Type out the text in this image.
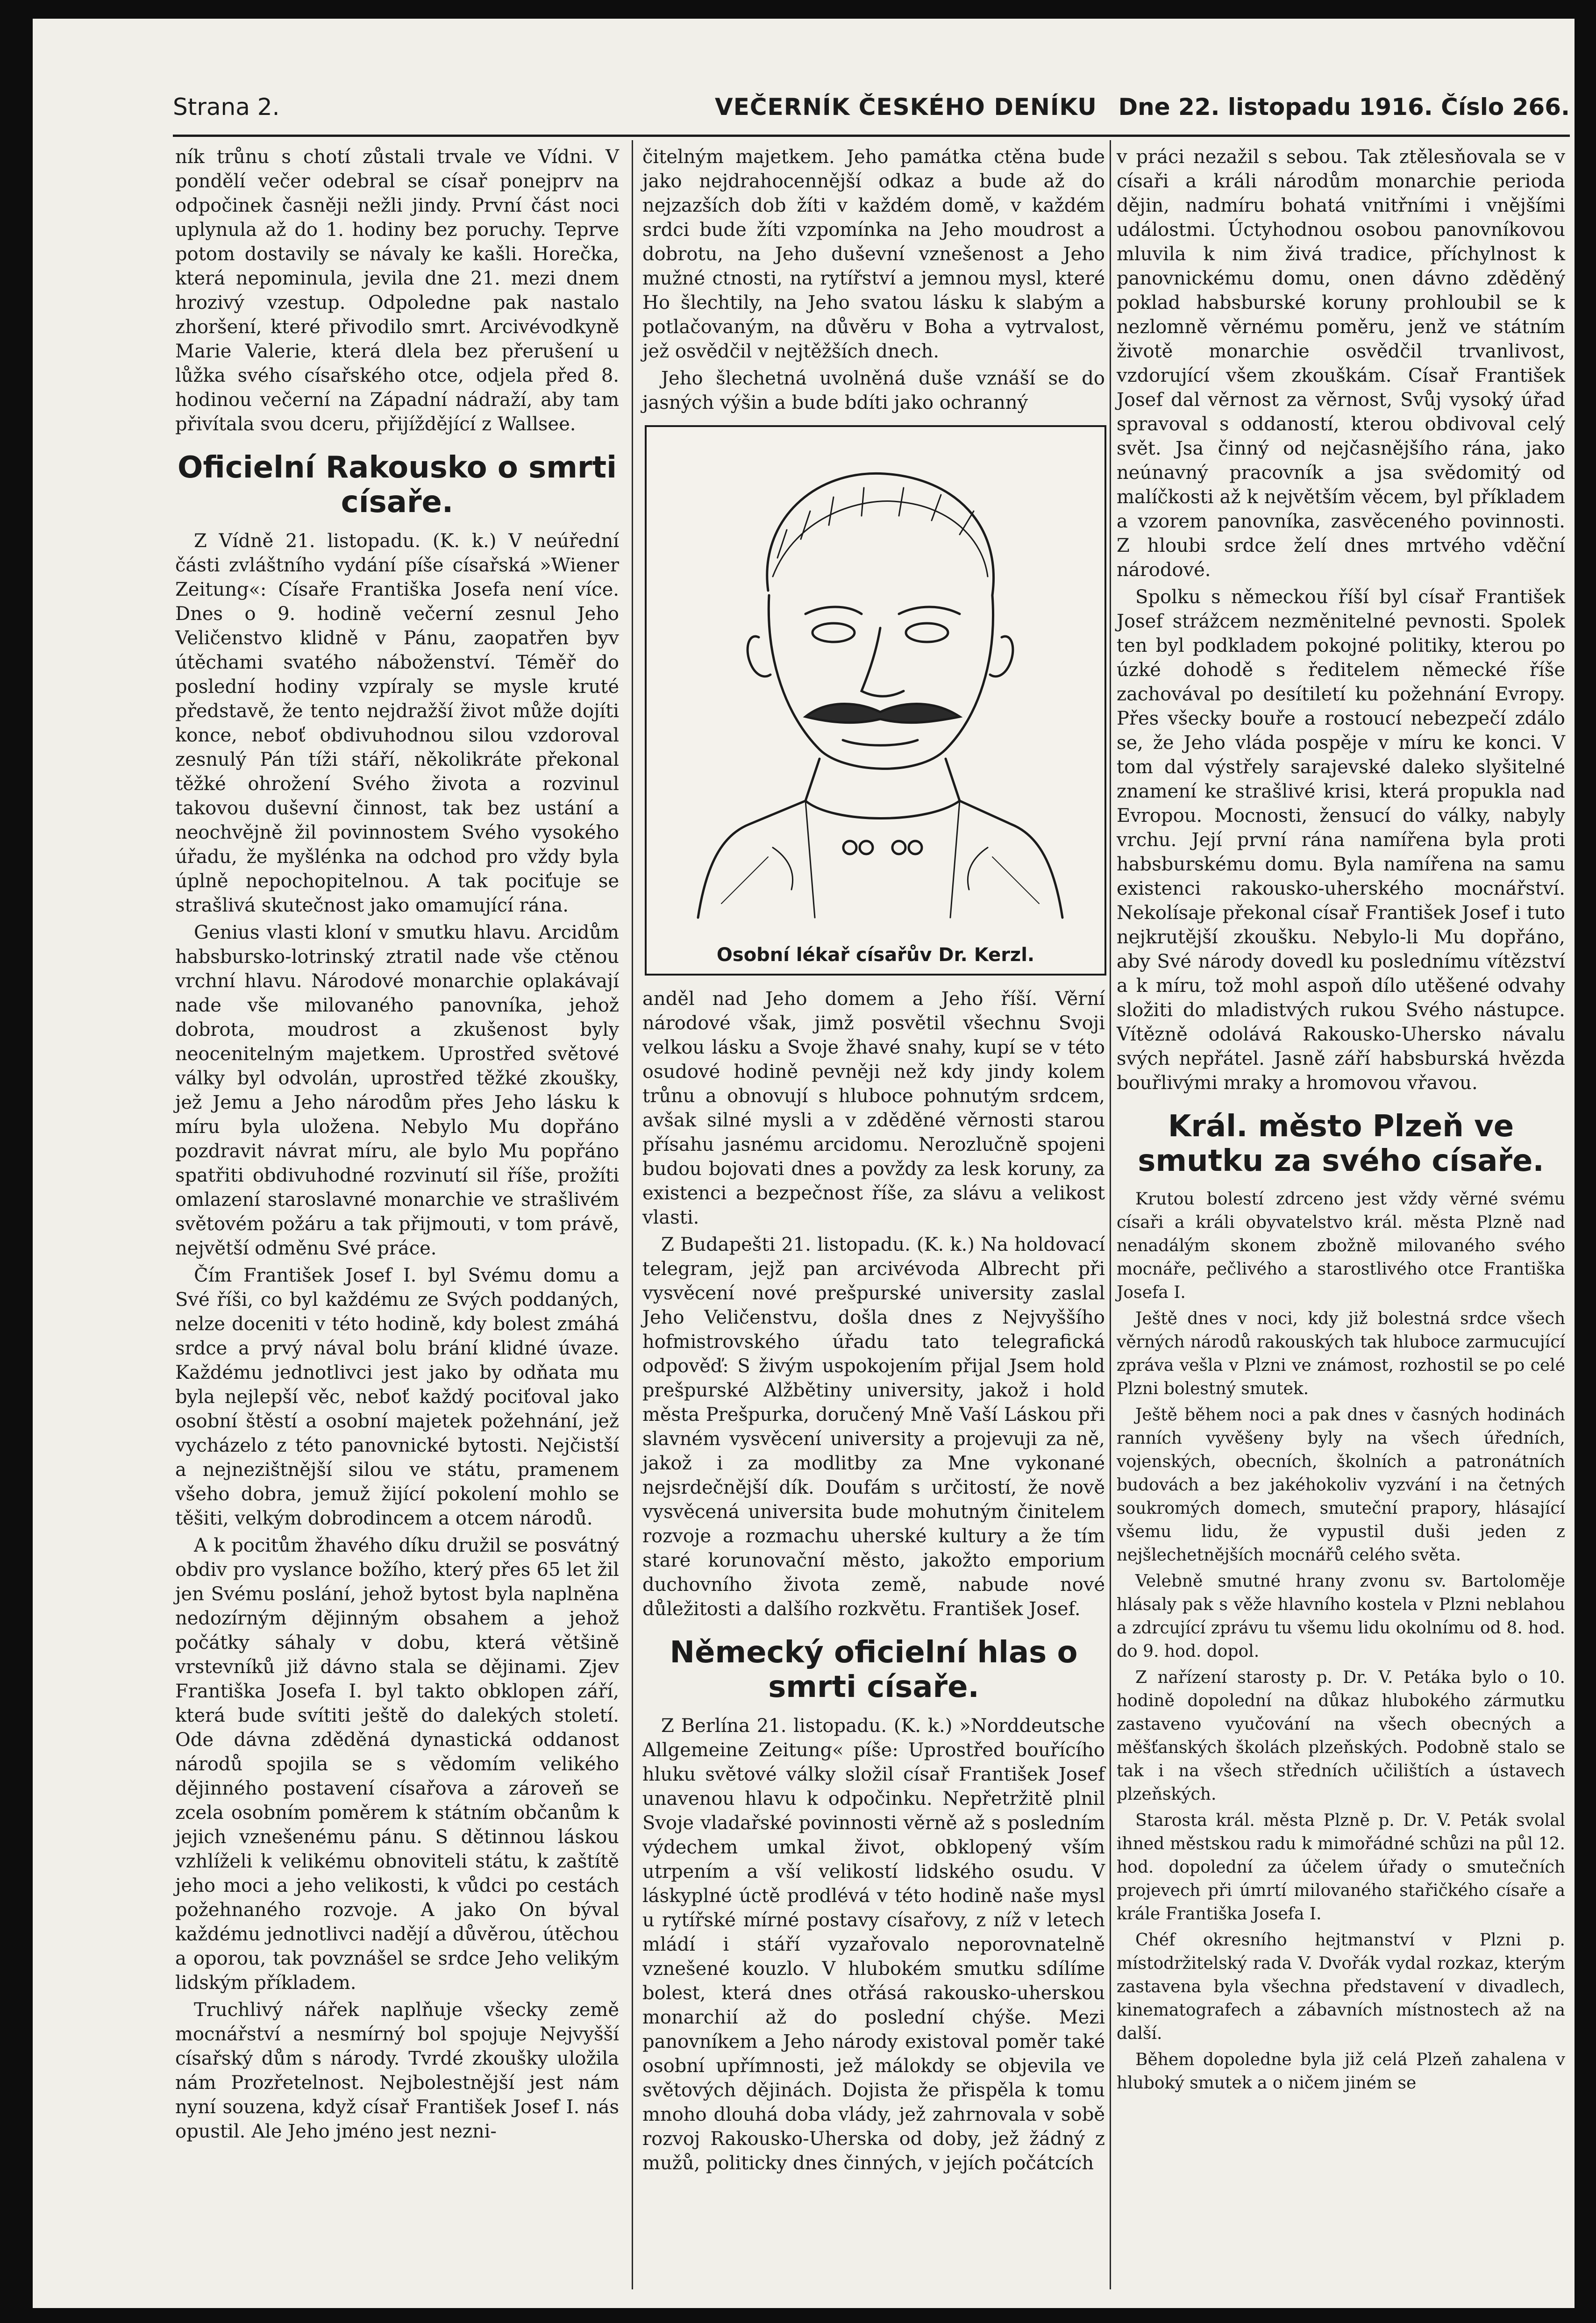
Strana 2.	VEČERNÍK ČESKÉHO DENÍKU Dne 22. listopadu 1916. Číslo 266.

ník trůnu s chotí zůstali trvale ve Vídni. V pondělí večer odebral se císař ponejprv na odpočinek časněji nežli jindy. První část noci uplynula až do 1. hodiny bez poruchy. Teprve potom dostavily se návaly ke kašli. Horečka, která nepominula, jevila dne 21. mezi dnem hrozivý vzestup. Odpoledne pak nastalo zhoršení, které přivodilo smrt. Arcivévodkyně Marie Valerie, která dlela bez přerušení u lůžka svého císařského otce, odjela před 8. hodinou večerní na Západní nádraží, aby tam přivítala svou dceru, přijíždějící z Wallsee.

Oficielní Rakousko o smrti císaře.

Z Vídně 21. listopadu. (K. k.) V neúřední části zvláštního vydání píše císařská »Wiener Zeitung«: Císaře Františka Josefa není více. Dnes o 9. hodině večerní zesnul Jeho Veličenstvo klidně v Pánu, zaopatřen byv útěchami svatého náboženství. Téměř do poslední hodiny vzpíraly se mysle kruté představě, že tento nejdražší život může dojíti konce, neboť obdivuhodnou silou vzdoroval zesnulý Pán tíži stáří, několikráte překonal těžké ohrožení Svého života a rozvinul takovou duševní činnost, tak bez ustání a neochvějně žil povinnostem Svého vysokého úřadu, že myšlénka na odchod pro vždy byla úplně nepochopitelnou. A tak pociťuje se strašlivá skutečnost jako omamující rána.

Genius vlasti kloní v smutku hlavu. Arcidům habsbursko-lotrinský ztratil nade vše ctěnou vrchní hlavu. Národové monarchie oplakávají nade vše milovaného panovníka, jehož dobrota, moudrost a zkušenost byly neocenitelným majetkem. Uprostřed světové války byl odvolán, uprostřed těžké zkoušky, jež Jemu a Jeho národům přes Jeho lásku k míru byla uložena. Nebylo Mu dopřáno pozdravit návrat míru, ale bylo Mu popřáno spatřiti obdivuhodné rozvinutí sil říše, prožíti omlazení staroslavné monarchie ve strašlivém světovém požáru a tak přijmouti, v tom právě, největší odměnu Své práce.

Čím František Josef I. byl Svému domu a Své říši, co byl každému ze Svých poddaných, nelze doceniti v této hodině, kdy bolest zmáhá srdce a prvý nával bolu brání klidné úvaze. Každému jednotlivci jest jako by odňata mu byla nejlepší věc, neboť každý pociťoval jako osobní štěstí a osobní majetek požehnání, jež vycházelo z této panovnické bytosti. Nejčistší a nejnezištnější silou ve státu, pramenem všeho dobra, jemuž žijící pokolení mohlo se těšiti, velkým dobrodincem a otcem národů.

A k pocitům žhavého díku družil se posvátný obdiv pro vyslance božího, který přes 65 let žil jen Svému poslání, jehož bytost byla naplněna nedozírným dějinným obsahem a jehož počátky sáhaly v dobu, která většině vrstevníků již dávno stala se dějinami. Zjev Františka Josefa I. byl takto obklopen září, která bude svítiti ještě do dalekých století. Ode dávna zděděná dynastická oddanost národů spojila se s vědomím velikého dějinného postavení císařova a zároveň se zcela osobním poměrem k státním občanům k jejich vznešenému pánu. S dětinnou láskou vzhlíželi k velikému obnoviteli státu, k zaštítě jeho moci a jeho velikosti, k vůdci po cestách požehnaného rozvoje. A jako On býval každému jednotlivci nadějí a důvěrou, útěchou a oporou, tak povznášel se srdce Jeho velikým lidským příkladem.

Truchlivý nářek naplňuje všecky země mocnářství a nesmírný bol spojuje Nejvyšší císařský dům s národy. Tvrdé zkoušky uložila nám Prozřetelnost. Nejbolestnější jest nám nyní souzena, když císař František Josef I. nás opustil. Ale Jeho jméno jest nezni-

čitelným majetkem. Jeho památka ctěna bude jako nejdrahocennější odkaz a bude až do nejzazších dob žíti v každém domě, v každém srdci bude žíti vzpomínka na Jeho moudrost a dobrotu, na Jeho duševní vznešenost a Jeho mužné ctnosti, na rytířství a jemnou mysl, které Ho šlechtily, na Jeho svatou lásku k slabým a potlačovaným, na důvěru v Boha a vytrvalost, jež osvědčil v nejtěžších dnech.

Jeho šlechetná uvolněná duše vznáší se do jasných výšin a bude bdíti jako ochranný

Osobní lékař císařův Dr. Kerzl.

anděl nad Jeho domem a Jeho říší. Věrní národové však, jimž posvětil všechnu Svoji velkou lásku a Svoje žhavé snahy, kupí se v této osudové hodině pevněji než kdy jindy kolem trůnu a obnovují s hluboce pohnutým srdcem, avšak silné mysli a v zděděné věrnosti starou přísahu jasnému arcidomu. Nerozlučně spojeni budou bojovati dnes a povždy za lesk koruny, za existenci a bezpečnost říše, za slávu a velikost vlasti.

Z Budapešti 21. listopadu. (K. k.) Na holdovací telegram, jejž pan arcivévoda Albrecht při vysvěcení nové prešpurské university zaslal Jeho Veličenstvu, došla dnes z Nejvyššího hofmistrovského úřadu tato telegrafická odpověď: S živým uspokojením přijal Jsem hold prešpurské Alžbětiny university, jakož i hold města Prešpurka, doručený Mně Vaší Láskou při slavném vysvěcení university a projevuji za ně, jakož i za modlitby za Mne vykonané nejsrdečnější dík. Doufám s určitostí, že nově vysvěcená universita bude mohutným činitelem rozvoje a rozmachu uherské kultury a že tím staré korunovační město, jakožto emporium duchovního života země, nabude nové důležitosti a dalšího rozkvětu. František Josef.

Německý oficielní hlas o smrti císaře.

Z Berlína 21. listopadu. (K. k.) »Norddeutsche Allgemeine Zeitung« píše: Uprostřed bouřícího hluku světové války složil císař František Josef unavenou hlavu k odpočinku. Nepřetržitě plnil Svoje vladařské povinnosti věrně až s posledním výdechem umkal život, obklopený vším utrpením a vší velikostí lidského osudu. V láskyplné úctě prodlévá v této hodině naše mysl u rytířské mírné postavy císařovy, z níž v letech mládí i stáří vyzařovalo neporovnatelně vznešené kouzlo. V hlubokém smutku sdílíme bolest, která dnes otřásá rakousko-uherskou monarchií až do poslední chýše. Mezi panovníkem a Jeho národy existoval poměr také osobní upřímnosti, jež málokdy se objevila ve světových dějinách. Dojista že přispěla k tomu mnoho dlouhá doba vlády, jež zahrnovala v sobě rozvoj Rakousko-Uherska od doby, jež žádný z mužů, politicky dnes činných, v jejích počátcích

v práci nezažil s sebou. Tak ztělesňovala se v císaři a králi národům monarchie perioda dějin, nadmíru bohatá vnitřními i vnějšími událostmi. Úctyhodnou osobou panovníkovou mluvila k nim živá tradice, příchylnost k panovnickému domu, onen dávno zděděný poklad habsburské koruny prohloubil se k nezlomně věrnému poměru, jenž ve státním životě monarchie osvědčil trvanlivost, vzdorující všem zkouškám. Císař František Josef dal věrnost za věrnost, Svůj vysoký úřad spravoval s oddaností, kterou obdivoval celý svět. Jsa činný od nejčasnějšího rána, jako neúnavný pracovník a jsa svědomitý od malíčkosti až k největším věcem, byl příkladem a vzorem panovníka, zasvěceného povinnosti. Z hloubi srdce želí dnes mrtvého vděční národové.

Spolku s německou říší byl císař František Josef strážcem nezměnitelné pevnosti. Spolek ten byl podkladem pokojné politiky, kterou po úzké dohodě s ředitelem německé říše zachovával po desítiletí ku požehnání Evropy. Přes všecky bouře a rostoucí nebezpečí zdálo se, že Jeho vláda pospěje v míru ke konci. V tom dal výstřely sarajevské daleko slyšitelné znamení ke strašlivé krisi, která propukla nad Evropou. Mocnosti, žensucí do války, nabyly vrchu. Její první rána namířena byla proti habsburskému domu. Byla namířena na samu existenci rakousko-uherského mocnářství. Nekolísaje překonal císař František Josef i tuto nejkrutější zkoušku. Nebylo-li Mu dopřáno, aby Své národy dovedl ku poslednímu vítězství a k míru, tož mohl aspoň dílo utěšené odvahy složiti do mladistvých rukou Svého nástupce. Vítězně odolává Rakousko-Uhersko návalu svých nepřátel. Jasně září habsburská hvězda bouřlivými mraky a hromovou vřavou.

Král. město Plzeň ve smutku za svého císaře.

Krutou bolestí zdrceno jest vždy věrné svému císaři a králi obyvatelstvo král. města Plzně nad nenadálým skonem zbožně milovaného svého mocnáře, pečlivého a starostlivého otce Františka Josefa I.

Ještě dnes v noci, kdy již bolestná srdce všech věrných národů rakouských tak hluboce zarmucující zpráva vešla v Plzni ve známost, rozhostil se po celé Plzni bolestný smutek.

Ještě během noci a pak dnes v časných hodinách ranních vyvěšeny byly na všech úředních, vojenských, obecních, školních a patronátních budovách a bez jakéhokoliv vyzvání i na četných soukromých domech, smuteční prapory, hlásající všemu lidu, že vypustil duši jeden z nejšlechetnějších mocnářů celého světa.

Velebně smutné hrany zvonu sv. Bartoloměje hlásaly pak s věže hlavního kostela v Plzni neblahou a zdrcující zprávu tu všemu lidu okolnímu od 8. hod. do 9. hod. dopol.

Z nařízení starosty p. Dr. V. Petáka bylo o 10. hodině dopolední na důkaz hlubokého zármutku zastaveno vyučování na všech obecných a měšťanských školách plzeňských. Podobně stalo se tak i na všech středních učilištích a ústavech plzeňských.

Starosta král. města Plzně p. Dr. V. Peták svolal ihned městskou radu k mimořádné schůzi na půl 12. hod. dopolední za účelem úřady o smutečních projevech při úmrtí milovaného stařičkého císaře a krále Františka Josefa I.

Chéf okresního hejtmanství v Plzni p. místodržitelský rada V. Dvořák vydal rozkaz, kterým zastavena byla všechna představení v divadlech, kinematografech a zábavních místnostech až na další.

Během dopoledne byla již celá Plzeň zahalena v hluboký smutek a o ničem jiném se
